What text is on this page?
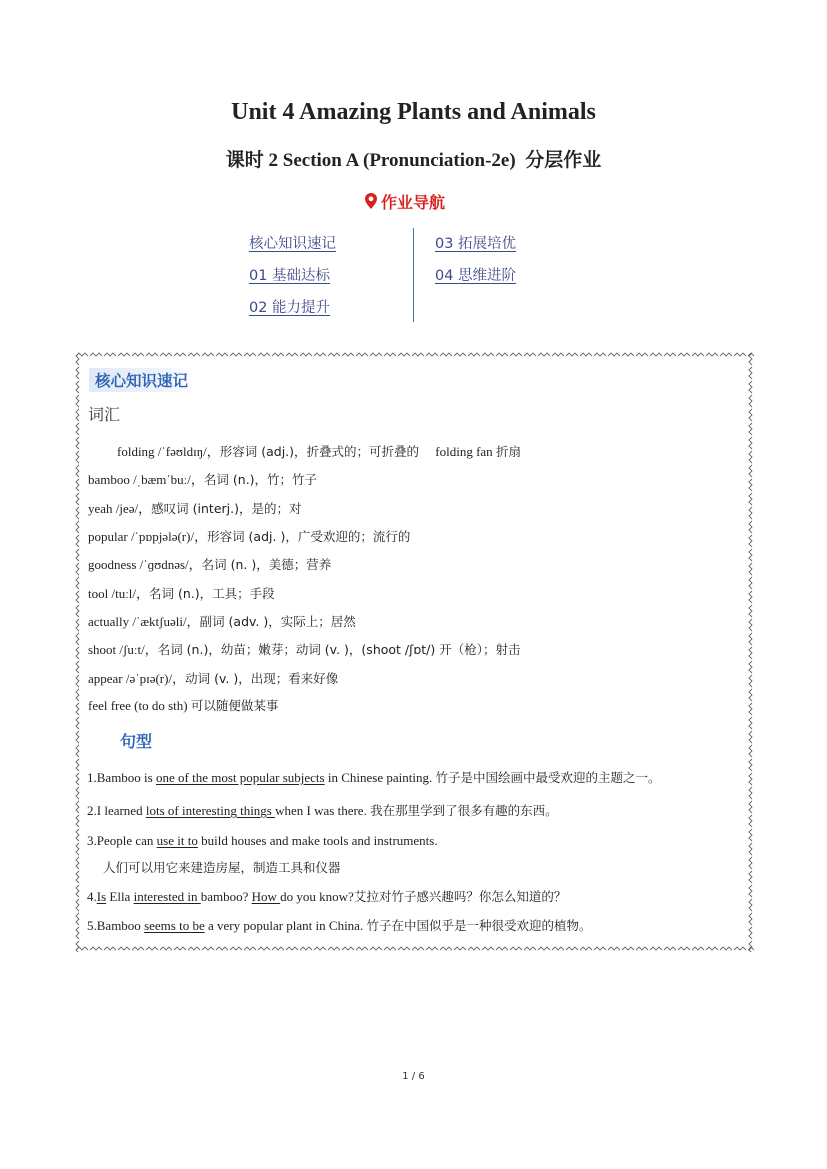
Unit 4 Amazing Plants and Animals
课时 2 Section A (Pronunciation-2e) 分层作业
作业导航
核心知识速记
01 基础达标
02 能力提升
03 拓展培优
04 思维进阶
核心知识速记
词汇
folding /ˈfəʊldɪŋ/，形容词 (adj.)，折叠式的；可折叠的 folding fan 折扇
bamboo /ˌbæmˈbuː/，名词 (n.)，竹；竹子
yeah /jeə/，感叹词 (interj.)，是的；对
popular /ˈpɒpjələ(r)/，形容词 (adj. )，广受欢迎的；流行的
goodness /ˈɡʊdnəs/，名词 (n. )，美德；营养
tool /tuːl/，名词 (n.)，工具；手段
actually /ˈæktʃuəli/，副词 (adv. )，实际上；居然
shoot /ʃuːt/，名词 (n.)，幼苗；嫩芽；动词 (v. )，(shoot /ʃɒt/) 开（枪）；射击
appear /əˈpɪə(r)/，动词 (v. )，出现；看来好像
feel free (to do sth) 可以随便做某事
句型
1.Bamboo is one of the most popular subjects in Chinese painting. 竹子是中国绘画中最受欢迎的主题之一。
2.I learned lots of interesting things when I was there. 我在那里学到了很多有趣的东西。
3.People can use it to build houses and make tools and instruments.
人们可以用它来建造房屋，制造工具和仪器
4.Is Ella interested in bamboo? How do you know?艾拉对竹子感兴趣吗？你怎么知道的？
5.Bamboo seems to be a very popular plant in China. 竹子在中国似乎是一种很受欢迎的植物。
1 / 6
